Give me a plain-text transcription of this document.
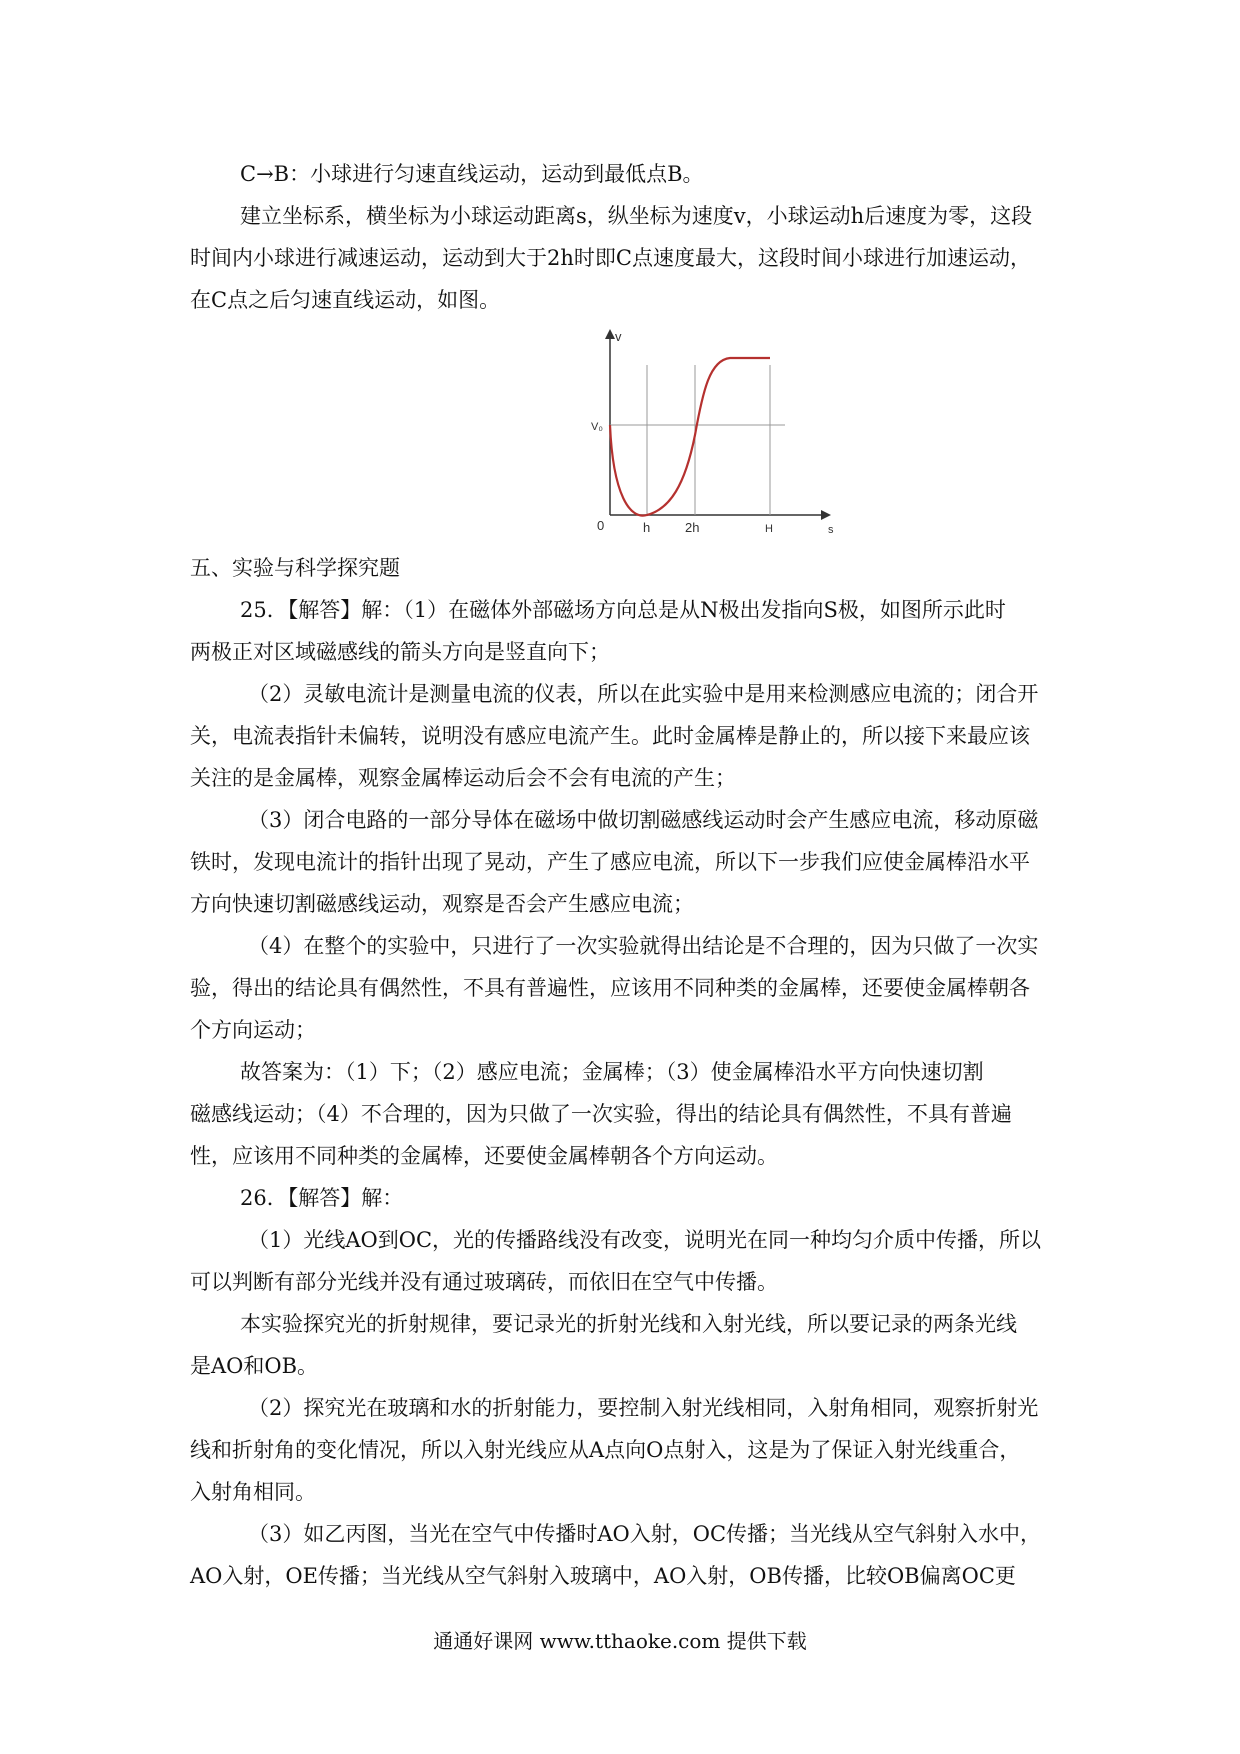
C→B：小球进行匀速直线运动，运动到最低点B。
建立坐标系，横坐标为小球运动距离s，纵坐标为速度v，小球运动h后速度为零，这段
时间内小球进行减速运动，运动到大于2h时即C点速度最大，这段时间小球进行加速运动，
在C点之后匀速直线运动，如图。
v
s
0
V₀
h	2h	H
五、实验与科学探究题
25．【解答】解：（1）在磁体外部磁场方向总是从N极出发指向S极，如图所示此时
两极正对区域磁感线的箭头方向是竖直向下；
（2）灵敏电流计是测量电流的仪表，所以在此实验中是用来检测感应电流的；闭合开
关，电流表指针未偏转，说明没有感应电流产生。此时金属棒是静止的，所以接下来最应该
关注的是金属棒，观察金属棒运动后会不会有电流的产生；
（3）闭合电路的一部分导体在磁场中做切割磁感线运动时会产生感应电流，移动原磁
铁时，发现电流计的指针出现了晃动，产生了感应电流，所以下一步我们应使金属棒沿水平
方向快速切割磁感线运动，观察是否会产生感应电流；
（4）在整个的实验中，只进行了一次实验就得出结论是不合理的，因为只做了一次实
验，得出的结论具有偶然性，不具有普遍性，应该用不同种类的金属棒，还要使金属棒朝各
个方向运动；
故答案为：（1）下；（2）感应电流；金属棒；（3）使金属棒沿水平方向快速切割
磁感线运动；（4）不合理的，因为只做了一次实验，得出的结论具有偶然性，不具有普遍
性，应该用不同种类的金属棒，还要使金属棒朝各个方向运动。
26．【解答】解：
（1）光线AO到OC，光的传播路线没有改变，说明光在同一种均匀介质中传播，所以
可以判断有部分光线并没有通过玻璃砖，而依旧在空气中传播。
本实验探究光的折射规律，要记录光的折射光线和入射光线，所以要记录的两条光线
是AO和OB。
（2）探究光在玻璃和水的折射能力，要控制入射光线相同，入射角相同，观察折射光
线和折射角的变化情况，所以入射光线应从A点向O点射入，这是为了保证入射光线重合，
入射角相同。
（3）如乙丙图，当光在空气中传播时AO入射，OC传播；当光线从空气斜射入水中，
AO入射，OE传播；当光线从空气斜射入玻璃中，AO入射，OB传播，比较OB偏离OC更
通通好课网 www.tthaoke.com 提供下载
